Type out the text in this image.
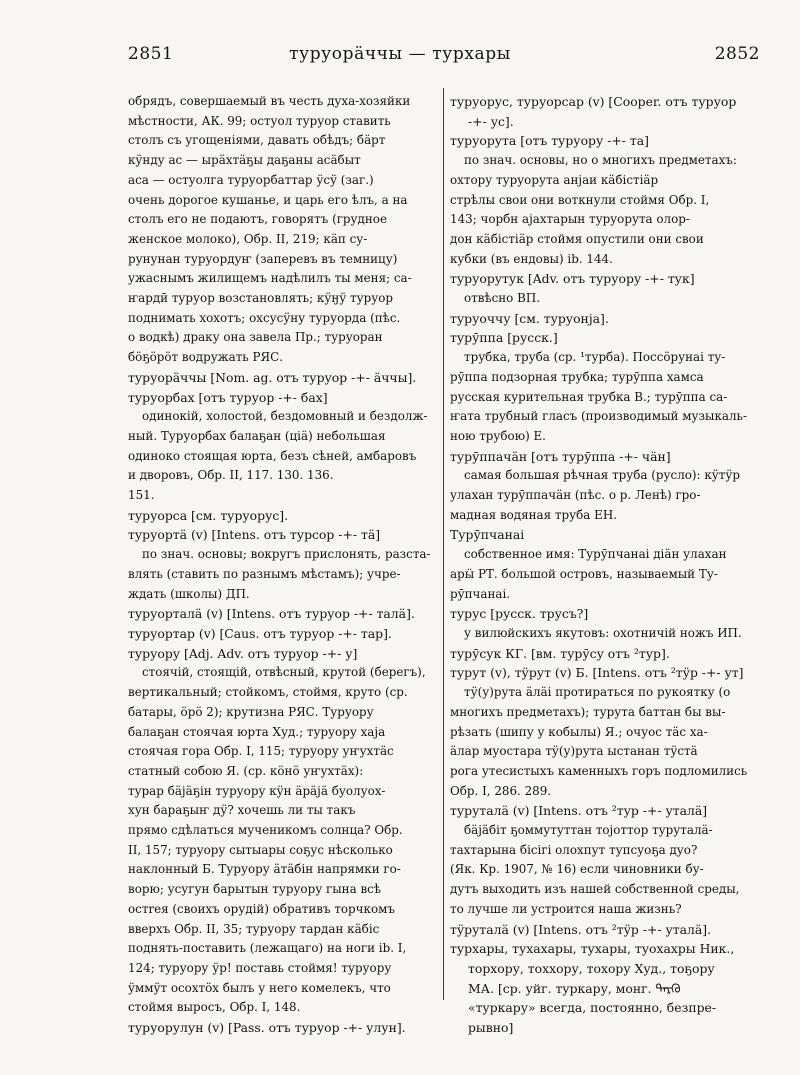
2851	туруорӓччы — турхары	2852
обрядъ, совершаемый въ честь духа-хозяйки
мѣстности, АК. 99; остуол туруор ставить
столъ съ угощеніями, давать обѣдъ; бӓрт
кӱнду ас — ырӓхтӓҕы даҕаны асӓбыт
аса — остуолга туруорбаттар ӱсӱ (заг.)
очень дорогое кушанье, и царь его ѣлъ, а на
столъ его не подаютъ, говорятъ (грудное
женское молоко), Обр. II, 219; кӓп су-
рунунан туруордуҥ (заперевъ въ темницу)
ужаснымъ жилищемъ надѣлилъ ты меня; са-
ҥардӣ туруор возстановлять; кӱӈӱ туруор
поднимать хохотъ; охсусӱну туруорда (пѣс.
о водкѣ) драку она завела Пр.; туруоран
бӧҕӧрӧт водружать РЯС.
туруорӓччы [Nom. ag. отъ туруор -+- ӓччы].
туруорбах [отъ туруор -+- бах]
одинокій, холостой, бездомовный и бездолж-
ный. Туруорбах балаҕан (ціӓ) небольшая
одиноко стоящая юрта, безъ сѣней, амбаровъ
и дворовъ, Обр. II, 117. 130. 136.
151.
туруорса [см. туруорус].
туруортӓ (v) [Intens. отъ турсор -+- тӓ]
по знач. основы; вокругъ прислонять, разста-
влять (ставить по разнымъ мѣстамъ); учре-
ждать (школы) ДП.
туруорталӓ (v) [Intens. отъ туруор -+- талӓ].
туруортар (v) [Caus. отъ туруор -+- тар].
туруору [Adj. Adv. отъ туруор -+- у]
стоячій, стоящій, отвѣсный, крутой (берегъ),
вертикальный; стойкомъ, стоймя, круто (ср.
батары, ӧрӧ 2); крутизна РЯС. Туруору
балаҕан стоячая юрта Худ.; туруору хаjа
стоячая гора Обр. I, 115; туруору уҥухтӓс
статный собою Я. (ср. кӧнӧ уҥухтӓх):
турар бӓjӓҕін туруору кӱн ӓрӓjӓ буолуох-
хун бараҕыҥ дӱ? хочешь ли ты такъ
прямо сдѣлаться мученикомъ солнца? Обр.
II, 157; туруору сытыары соҕус нѣсколько
наклонный Б. Туруору ӓтӓбін напрямки го-
ворю; усугун барытын туруору гына всѣ
остreя (своихъ орудій) обративъ торчкомъ
вверхъ Обр. II, 35; туруору тардан кӓбіс
поднять-поставить (лежащаго) на ноги ib. I,
124; туруору ӱр! поставь стоймя! туруору
ӱммӱт осохтӧх былъ у него комелекъ, что
стоймя выросъ, Обр. I, 148.
туруорулун (v) [Pass. отъ туруор -+- улун].
туруорус, туруорсар (v) [Cooper. отъ туруор
-+- ус].
туруорута [отъ туруору -+- та]
по знач. основы, но о многихъ предметахъ:
охтору туруорута анjаи кӓбістіӓр
стрѣлы свои они воткнули стоймя Обр. I,
143; чорбн аjахтарын туруорута олор-
дон кӓбістіӓр стоймя опустили они свои
кубки (въ ендовы) ib. 144.
туруорутук [Adv. отъ туруору -+- тук]
отвѣсно ВП.
туруоччу [см. туруонjа].
турӯппа [русск.]
трубка, труба (ср. ¹турба). Поссӧрунаі ту-
рӯппа подзорная трубка; турӯппа хамса
русская курительная трубка В.; турӯппа са-
ҥата трубный гласъ (производимый музыкаль-
ною трубою) Е.
турӯппачӓн [отъ турӯппа -+- чӓн]
самая большая рѣчная труба (русло): кӱтӱр
улахан турӯппачӓн (пѣс. о р. Ленѣ) гро-
мадная водяная труба ЕН.
Турӯпчанаі
собственное имя: Турӯпчанаі діӓн улахан
арӹ РТ. большой островъ, называемый Ту-
рӯпчанаі.
турус [русск. трусъ?]
у вилюйскихъ якутовъ: охотничій ножъ ИП.
турӯсук КГ. [вм. турӯсу отъ ²тур].
турут (v), тӱрут (v) Б. [Intens. отъ ²тӱр -+- ут]
тӱ(у)рута ӓлӓі протираться по рукоятку (о
многихъ предметахъ); турута баттан бы вы-
рѣзать (шипу у кобылы) Я.; очуос тӓс ха-
ӓлар муостара тӱ(у)рута ыстанан тӱстӓ
рога утесистыхъ каменныхъ горъ подломились
Обр. I, 286. 289.
туруталӓ (v) [Intens. отъ ²тур -+- уталӓ]
бӓjӓбіт ҕоммутуттан тоjоттор туруталӓ-
тахтарына бісігі олохпут тупсуоҕа дуо?
(Як. Кр. 1907, № 16) если чиновники бу-
дутъ выходить изъ нашей собственной среды,
то лучше ли устроится наша жизнь?
тӱруталӓ (v) [Intens. отъ ²тӱр -+- уталӓ].
турхары, тухахары, тухары, туохахры Ник.,
торхору, тоххору, тохору Худ., тоҕору
МА. [ср. уйг. туркару, монг. ᠲᠡᠷᠭᠦ
«туркару» всегда, постоянно, безпре-
рывно]
